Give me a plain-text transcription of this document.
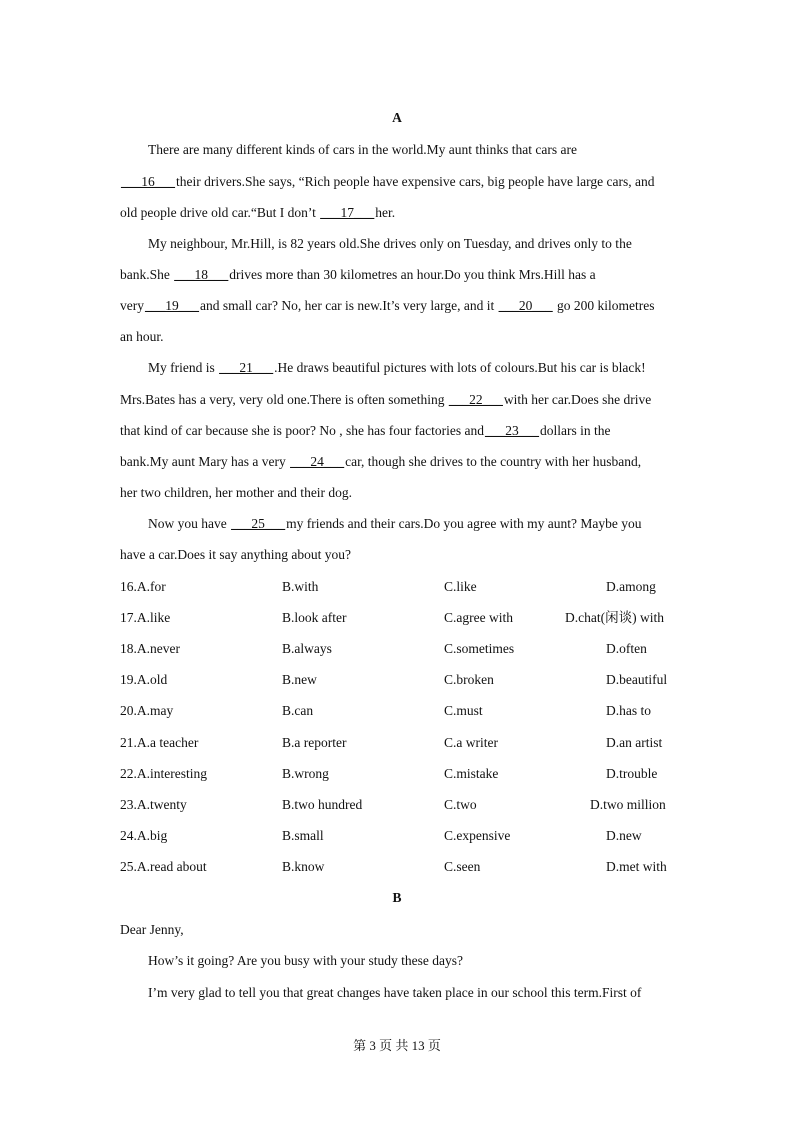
A
There are many different kinds of cars in the world.My aunt thinks that cars are
___16___their drivers.She says, “Rich people have expensive cars, big people have large cars, and
old people drive old car.“But I don’t ___17___her.
My neighbour, Mr.Hill, is 82 years old.She drives only on Tuesday, and drives only to the
bank.She ___18___drives more than 30 kilometres an hour.Do you think Mrs.Hill has a
very___19___and small car? No, her car is new.It’s very large, and it ___20___ go 200 kilometres
an hour.
My friend is ___21___.He draws beautiful pictures with lots of colours.But his car is black!
Mrs.Bates has a very, very old one.There is often something ___22___with her car.Does she drive
that kind of car because she is poor? No , she has four factories and___23___dollars in the
bank.My aunt Mary has a very ___24___car, though she drives to the country with her husband,
her two children, her mother and their dog.
Now you have ___25___my friends and their cars.Do you agree with my aunt? Maybe you
have a car.Does it say anything about you?
16.A.for	B.with	C.like	D.among
17.A.like	B.look after	C.agree with	D.chat(闲谈) with
18.A.never	B.always	C.sometimes	D.often
19.A.old	B.new	C.broken	D.beautiful
20.A.may	B.can	C.must	D.has to
21.A.a teacher	B.a reporter	C.a writer	D.an artist
22.A.interesting	B.wrong	C.mistake	D.trouble
23.A.twenty	B.two hundred	C.two	D.two million
24.A.big	B.small	C.expensive	D.new
25.A.read about	B.know	C.seen	D.met with
B
Dear Jenny,
How’s it going? Are you busy with your study these days?
I’m very glad to tell you that great changes have taken place in our school this term.First of
第 3 页 共 13 页
